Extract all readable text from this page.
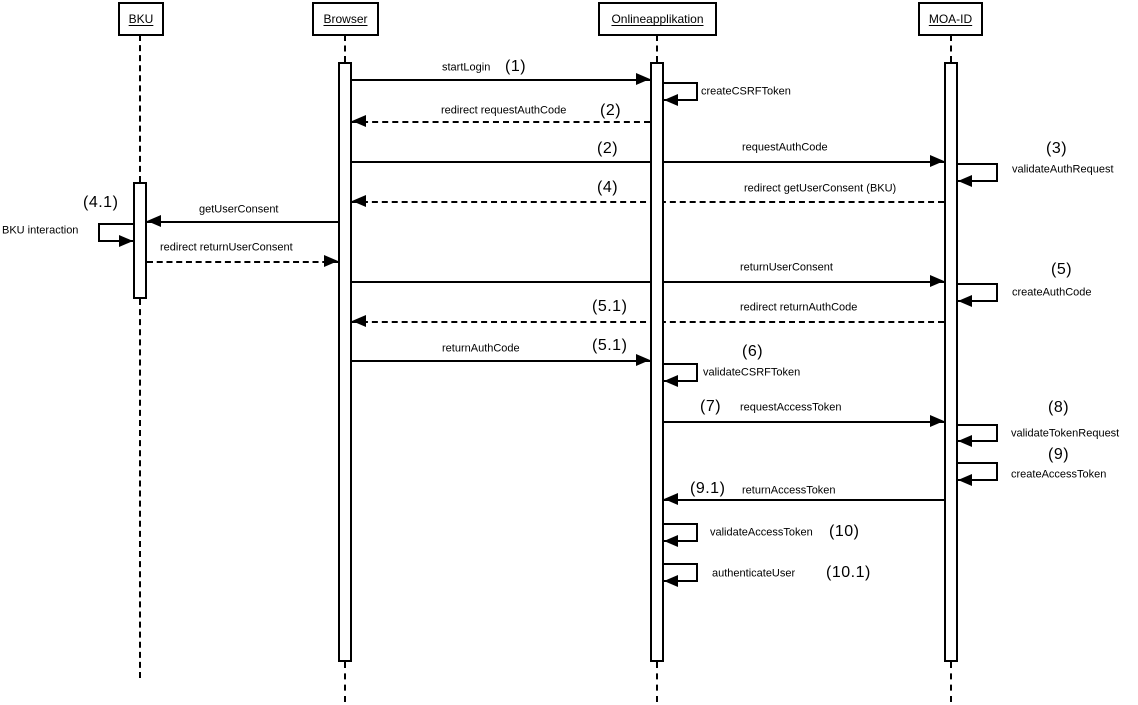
BKU	Browser	Onlineapplikation	MOA-ID
startLogin (1)
createCSRFToken
redirect requestAuthCode (2)
requestAuthCode
(2)
validateAuthRequest
(3)
redirect getUserConsent (BKU)
(4)
getUserConsent
BKU interaction
(4.1)
redirect returnUserConsent
returnUserConsent
createAuthCode
(5)
redirect returnAuthCode
(5.1)
returnAuthCode	(5.1)
validateCSRFToken
(6)
requestAccessToken
(7)
validateTokenRequest
(8)
createAccessToken
(9)
returnAccessToken
(9.1)
validateAccessToken (10)
authenticateUser (10.1)
